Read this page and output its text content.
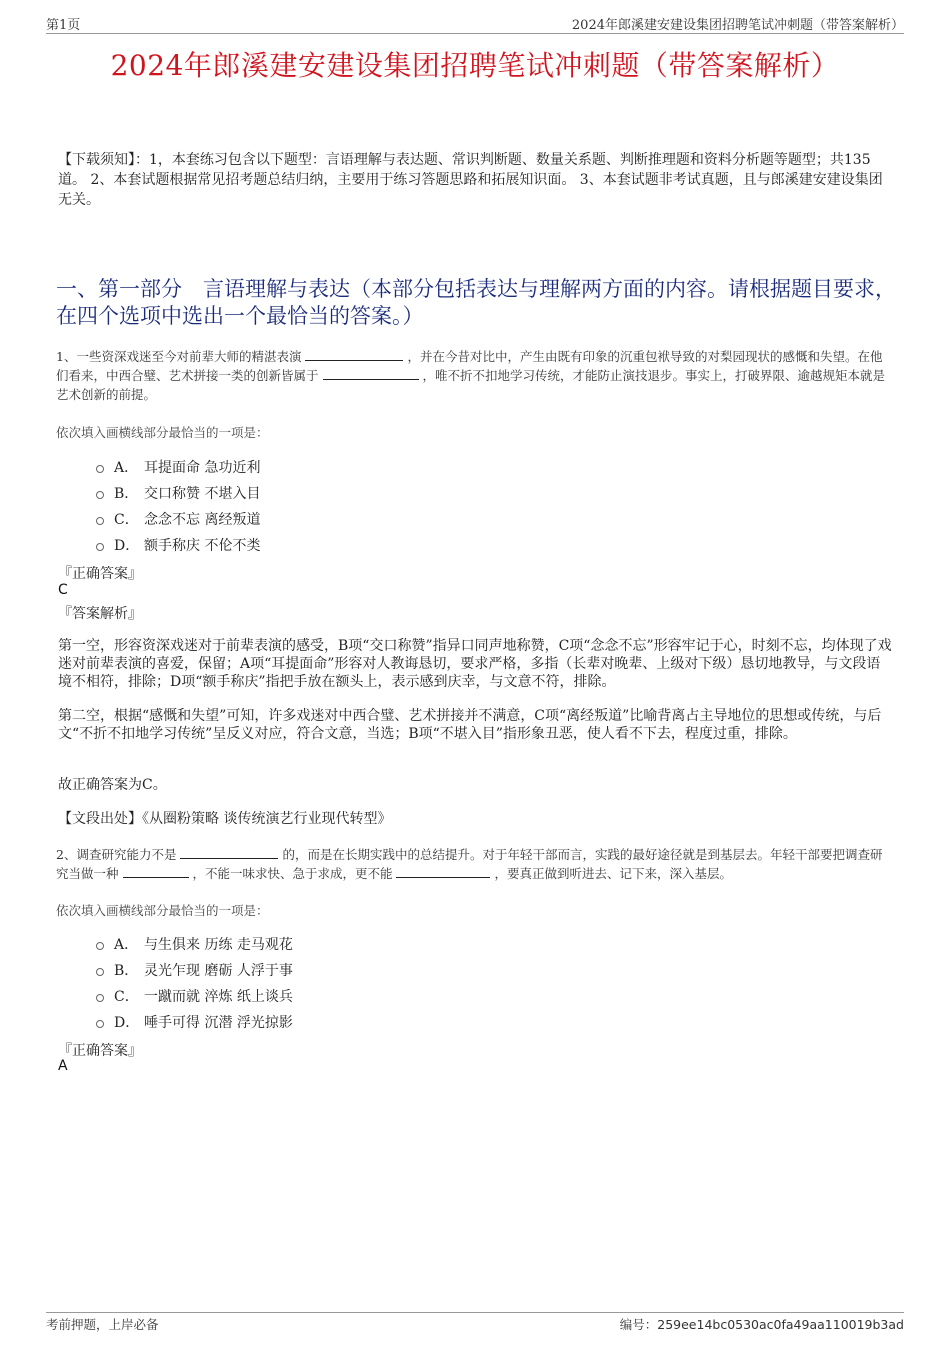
第1页	2024年郎溪建安建设集团招聘笔试冲刺题（带答案解析）
2024年郎溪建安建设集团招聘笔试冲刺题（带答案解析）
【下载须知】：1，本套练习包含以下题型：言语理解与表达题、常识判断题、数量关系题、判断推理题和资料分析题等题型；共135道。 2、本套试题根据常见招考题总结归纳，主要用于练习答题思路和拓展知识面。 3、本套试题非考试真题，且与郎溪建安建设集团无关。
一、第一部分　言语理解与表达（本部分包括表达与理解两方面的内容。请根据题目要求，在四个选项中选出一个最恰当的答案。）
1、一些资深戏迷至今对前辈大师的精湛表演	，并在今昔对比中，产生由既有印象的沉重包袱导致的对梨园现状的感慨和失望。在他们看来，中西合璧、艺术拼接一类的创新皆属于	，唯不折不扣地学习传统，才能防止演技退步。事实上，打破界限、逾越规矩本就是艺术创新的前提。
依次填入画横线部分最恰当的一项是：
A． 耳提面命 急功近利
B． 交口称赞 不堪入目
C． 念念不忘 离经叛道
D． 额手称庆 不伦不类
『正确答案』
C
『答案解析』
第一空，形容资深戏迷对于前辈表演的感受，B项“交口称赞”指异口同声地称赞，C项“念念不忘”形容牢记于心，时刻不忘，均体现了戏迷对前辈表演的喜爱，保留；A项“耳提面命”形容对人教诲恳切，要求严格，多指（长辈对晚辈、上级对下级）恳切地教导，与文段语境不相符，排除；D项“额手称庆”指把手放在额头上，表示感到庆幸，与文意不符，排除。
第二空，根据“感慨和失望”可知，许多戏迷对中西合璧、艺术拼接并不满意，C项“离经叛道”比喻背离占主导地位的思想或传统，与后文“不折不扣地学习传统”呈反义对应，符合文意，当选；B项“不堪入目”指形象丑恶，使人看不下去，程度过重，排除。
故正确答案为C。
【文段出处】《从圈粉策略 谈传统演艺行业现代转型》
2、调查研究能力不是	的，而是在长期实践中的总结提升。对于年轻干部而言，实践的最好途径就是到基层去。年轻干部要把调查研究当做一种	，不能一味求快、急于求成，更不能	，要真正做到听进去、记下来，深入基层。
依次填入画横线部分最恰当的一项是：
A． 与生俱来 历练 走马观花
B． 灵光乍现 磨砺 人浮于事
C． 一蹴而就 淬炼 纸上谈兵
D． 唾手可得 沉潜 浮光掠影
『正确答案』
A
考前押题，上岸必备	编号：259ee14bc0530ac0fa49aa110019b3ad
